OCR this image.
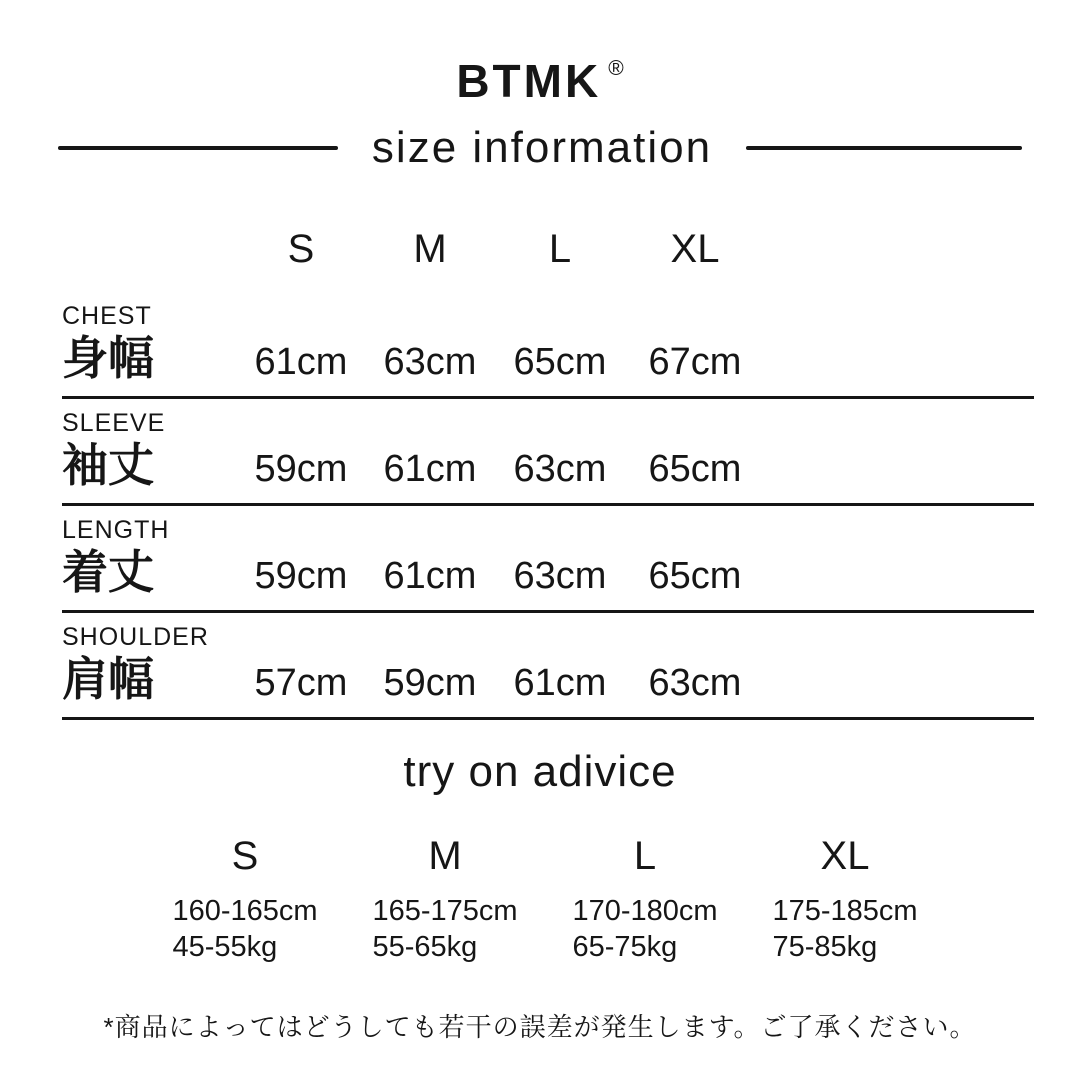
BTMK ®
size information
S M	L XL
CHEST
身幅	61cm 63cm 65cm 67cm
SLEEVE
袖丈	59cm 61cm 63cm 65cm
LENGTH
着丈	59cm 61cm 63cm 65cm
SHOULDER
肩幅	57cm 59cm 61cm 63cm
try on adivice
S
160-165cm
45-55kg
M
165-175cm
55-65kg
L
170-180cm
65-75kg
XL
175-185cm
75-85kg
*商品によってはどうしても若干の誤差が発生します。ご了承ください。
